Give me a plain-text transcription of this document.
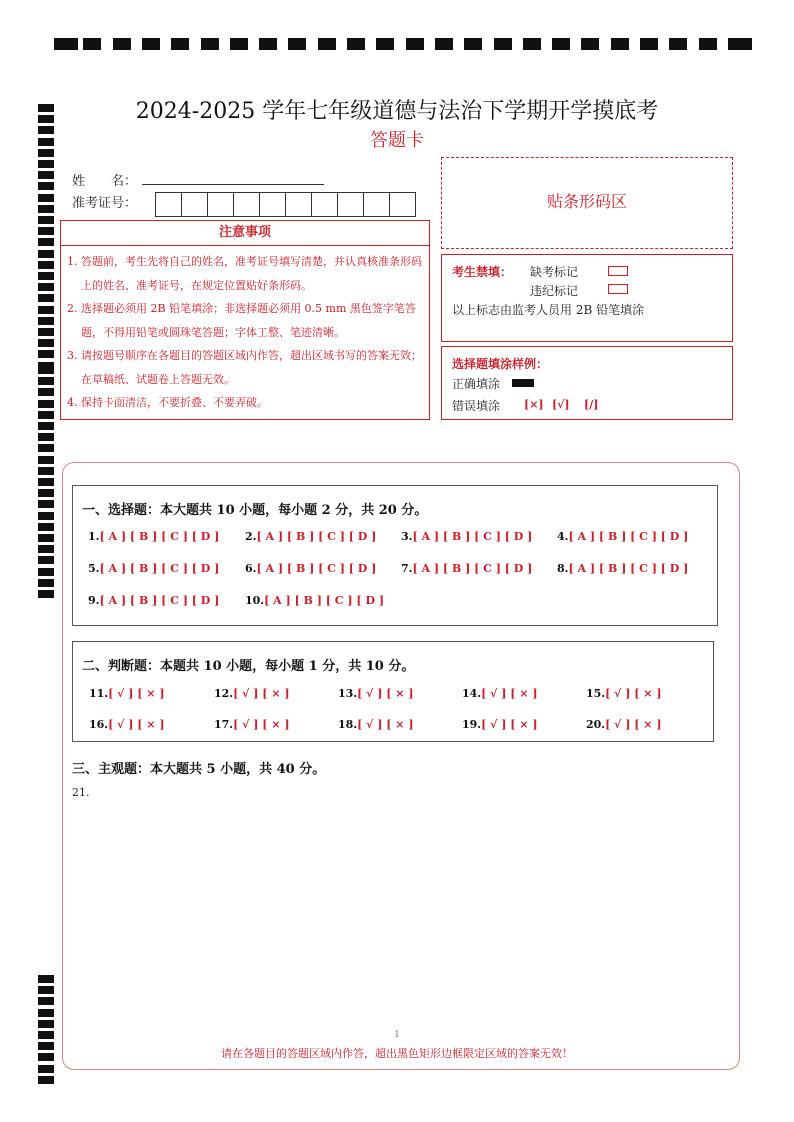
2024-2025 学年七年级道德与法治下学期开学摸底考
答题卡
姓　　名：
准考证号：
注意事项
1. 答题前，考生先将自己的姓名，准考证号填写清楚，并认真核准条形码上的姓名、准考证号，在规定位置贴好条形码。
2. 选择题必须用 2B 铅笔填涂；非选择题必须用 0.5 mm 黑色签字笔答题，不得用铅笔或圆珠笔答题；字体工整、笔迹清晰。
3. 请按题号顺序在各题目的答题区域内作答，超出区域书写的答案无效；在草稿纸、试题卷上答题无效。
4. 保持卡面清洁，不要折叠、不要弄破。
贴条形码区
考生禁填： 缺考标记
违纪标记
以上标志由监考人员用 2B 铅笔填涂
选择题填涂样例：
正确填涂
错误填涂 [×] [√] [/]
一、选择题：本大题共 10 小题，每小题 2 分，共 20 分。
1.[ A ] [ B ] [ C ] [ D ] 2.[ A ] [ B ] [ C ] [ D ] 3.[ A ] [ B ] [ C ] [ D ] 4.[ A ] [ B ] [ C ] [ D ]
5.[ A ] [ B ] [ C ] [ D ] 6.[ A ] [ B ] [ C ] [ D ] 7.[ A ] [ B ] [ C ] [ D ] 8.[ A ] [ B ] [ C ] [ D ]
9.[ A ] [ B ] [ C ] [ D ] 10.[ A ] [ B ] [ C ] [ D ]
二、判断题：本题共 10 小题，每小题 1 分，共 10 分。
11.[ √ ] [ × ]	12.[ √ ] [ × ]	13.[ √ ] [ × ]	14.[ √ ] [ × ]	15.[ √ ] [ × ]
16.[ √ ] [ × ]	17.[ √ ] [ × ]	18.[ √ ] [ × ]	19.[ √ ] [ × ]	20.[ √ ] [ × ]
三、主观题：本大题共 5 小题，共 40 分。
21.
1
请在各题目的答题区域内作答，超出黑色矩形边框限定区域的答案无效！
